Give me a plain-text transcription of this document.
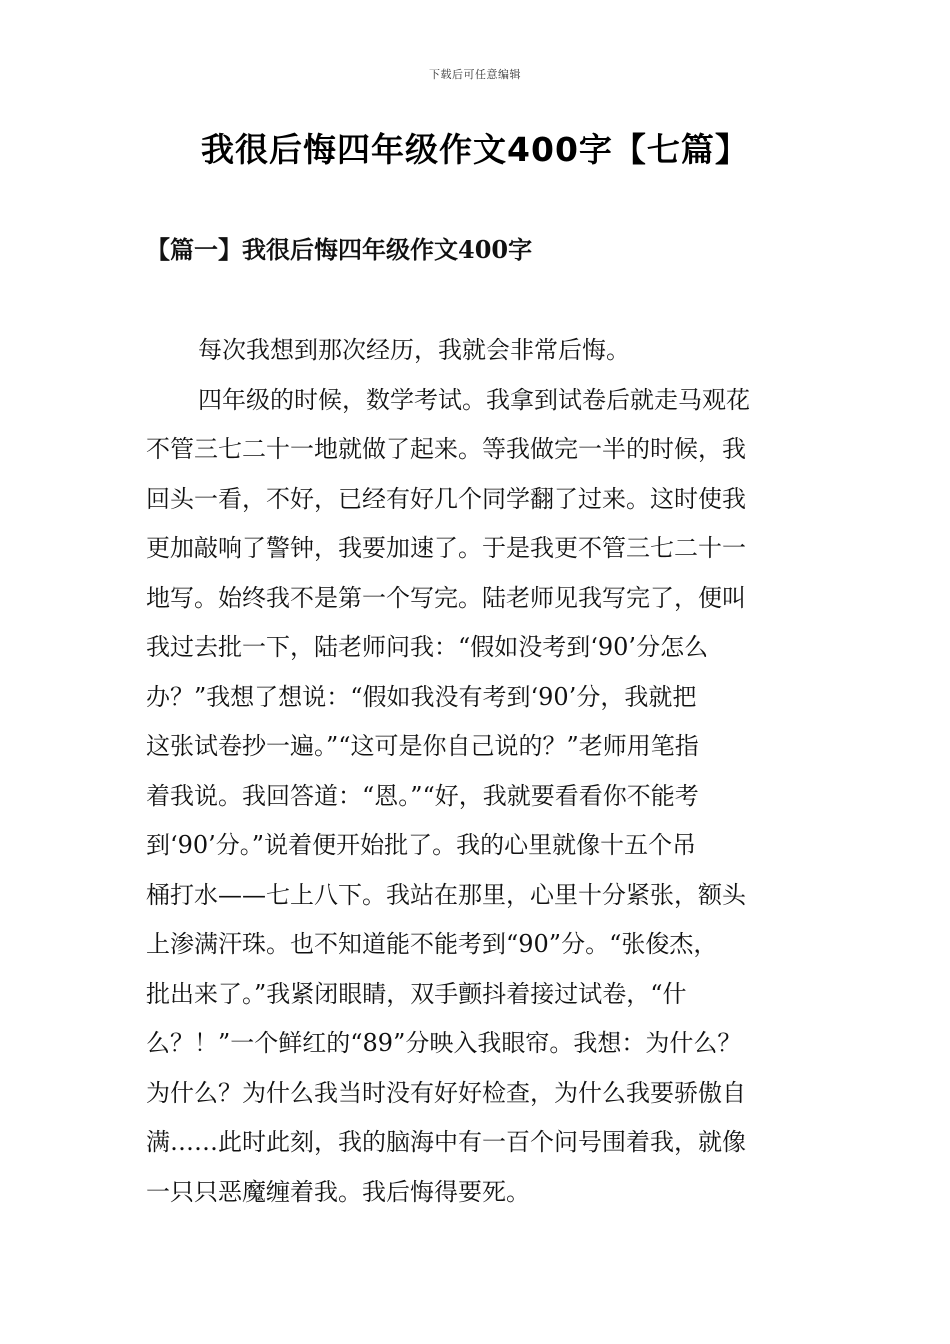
下载后可任意编辑
我很后悔四年级作文400字【七篇】
【篇一】我很后悔四年级作文400字
每次我想到那次经历，我就会非常后悔。
四年级的时候，数学考试。我拿到试卷后就走马观花
不管三七二十一地就做了起来。等我做完一半的时候，我
回头一看，不好，已经有好几个同学翻了过来。这时使我
更加敲响了警钟，我要加速了。于是我更不管三七二十一
地写。始终我不是第一个写完。陆老师见我写完了，便叫
我过去批一下，陆老师问我：“假如没考到‘90’分怎么
办？”我想了想说：“假如我没有考到‘90’分，我就把
这张试卷抄一遍。”“这可是你自己说的？”老师用笔指
着我说。我回答道：“恩。”“好，我就要看看你不能考
到‘90’分。”说着便开始批了。我的心里就像十五个吊
桶打水——七上八下。我站在那里，心里十分紧张，额头
上渗满汗珠。也不知道能不能考到“90”分。“张俊杰，
批出来了。”我紧闭眼睛，双手颤抖着接过试卷，“什
么？！”一个鲜红的“89”分映入我眼帘。我想：为什么？
为什么？为什么我当时没有好好检查，为什么我要骄傲自
满……此时此刻，我的脑海中有一百个问号围着我，就像
一只只恶魔缠着我。我后悔得要死。
